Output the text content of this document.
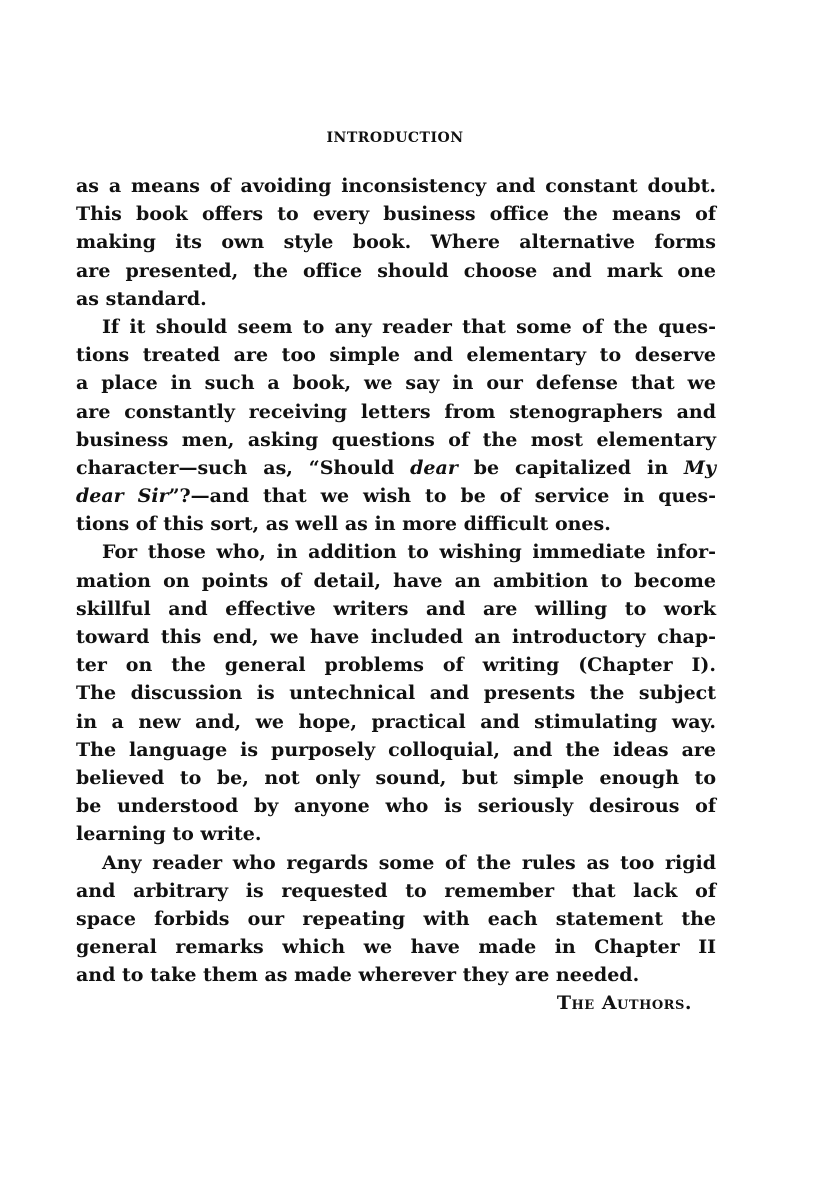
INTRODUCTION
as a means of avoiding inconsistency and constant doubt.
This book offers to every business office the means of
making its own style book. Where alternative forms
are presented, the office should choose and mark one
as standard.
If it should seem to any reader that some of the ques-
tions treated are too simple and elementary to deserve
a place in such a book, we say in our defense that we
are constantly receiving letters from stenographers and
business men, asking questions of the most elementary
character—such as, “Should dear be capitalized in My
dear Sir”?—and that we wish to be of service in ques-
tions of this sort, as well as in more difficult ones.
For those who, in addition to wishing immediate infor-
mation on points of detail, have an ambition to become
skillful and effective writers and are willing to work
toward this end, we have included an introductory chap-
ter on the general problems of writing (Chapter I).
The discussion is untechnical and presents the subject
in a new and, we hope, practical and stimulating way.
The language is purposely colloquial, and the ideas are
believed to be, not only sound, but simple enough to
be understood by anyone who is seriously desirous of
learning to write.
Any reader who regards some of the rules as too rigid
and arbitrary is requested to remember that lack of
space forbids our repeating with each statement the
general remarks which we have made in Chapter II
and to take them as made wherever they are needed.
The Authors.
